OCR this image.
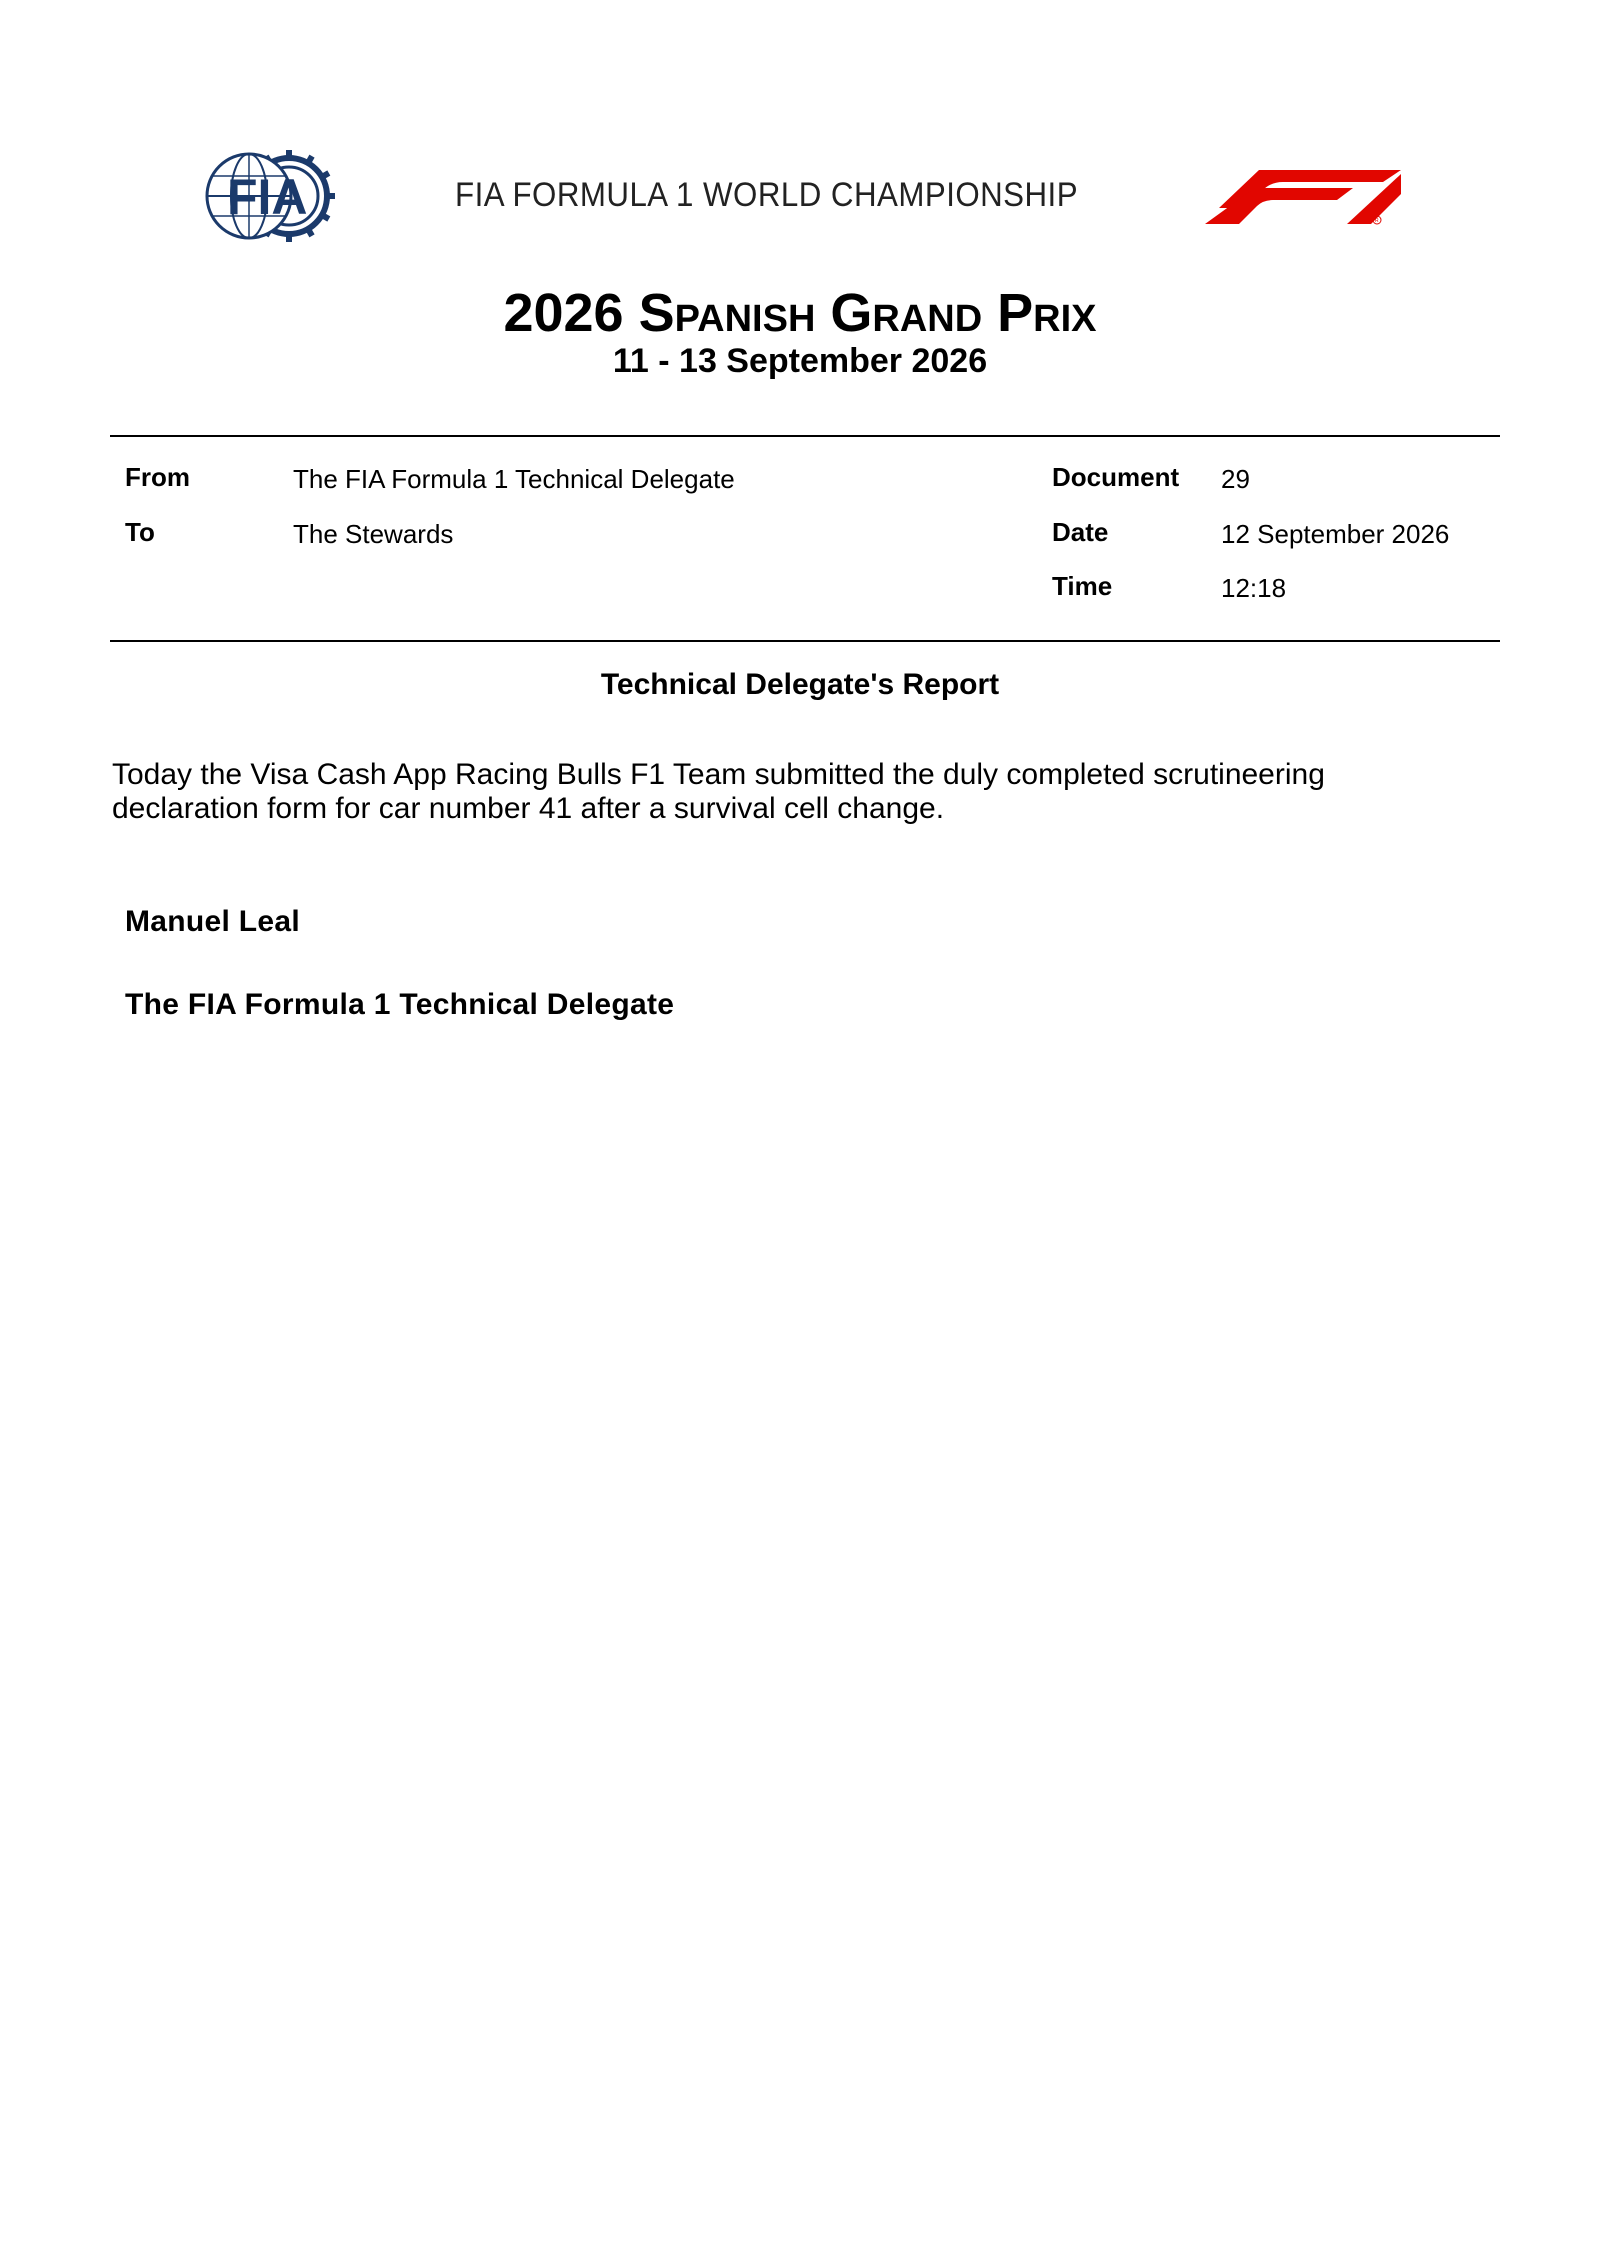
FIA	FIA FORMULA 1 WORLD CHAMPIONSHIP
R
2026 Spanish Grand Prix
11 - 13 September 2026
From	The FIA Formula 1 Technical Delegate
To	The Stewards
Document 29
Date	12 September 2026
Time	12:18
Technical Delegate's Report
Today the Visa Cash App Racing Bulls F1 Team submitted the duly completed scrutineering
declaration form for car number 41 after a survival cell change.
Manuel Leal
The FIA Formula 1 Technical Delegate
